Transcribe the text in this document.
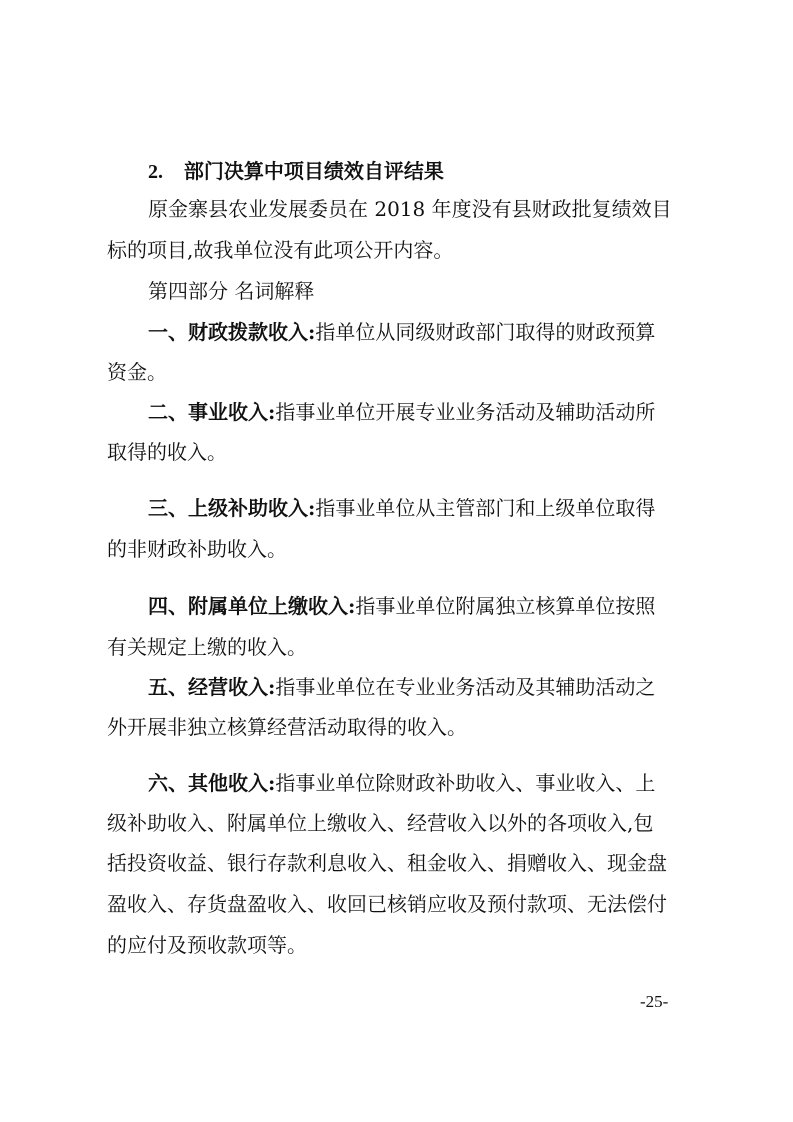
2. 部门决算中项目绩效自评结果
原金寨县农业发展委员在 2018 年度没有县财政批复绩效目
标的项目,故我单位没有此项公开内容。
第四部分 名词解释
一、财政拨款收入:指单位从同级财政部门取得的财政预算
资金。
二、事业收入:指事业单位开展专业业务活动及辅助活动所
取得的收入。
三、上级补助收入:指事业单位从主管部门和上级单位取得
的非财政补助收入。
四、附属单位上缴收入:指事业单位附属独立核算单位按照
有关规定上缴的收入。
五、经营收入:指事业单位在专业业务活动及其辅助活动之
外开展非独立核算经营活动取得的收入。
六、其他收入:指事业单位除财政补助收入、事业收入、上
级补助收入、附属单位上缴收入、经营收入以外的各项收入,包
括投资收益、银行存款利息收入、租金收入、捐赠收入、现金盘
盈收入、存货盘盈收入、收回已核销应收及预付款项、无法偿付
的应付及预收款项等。
-25-
